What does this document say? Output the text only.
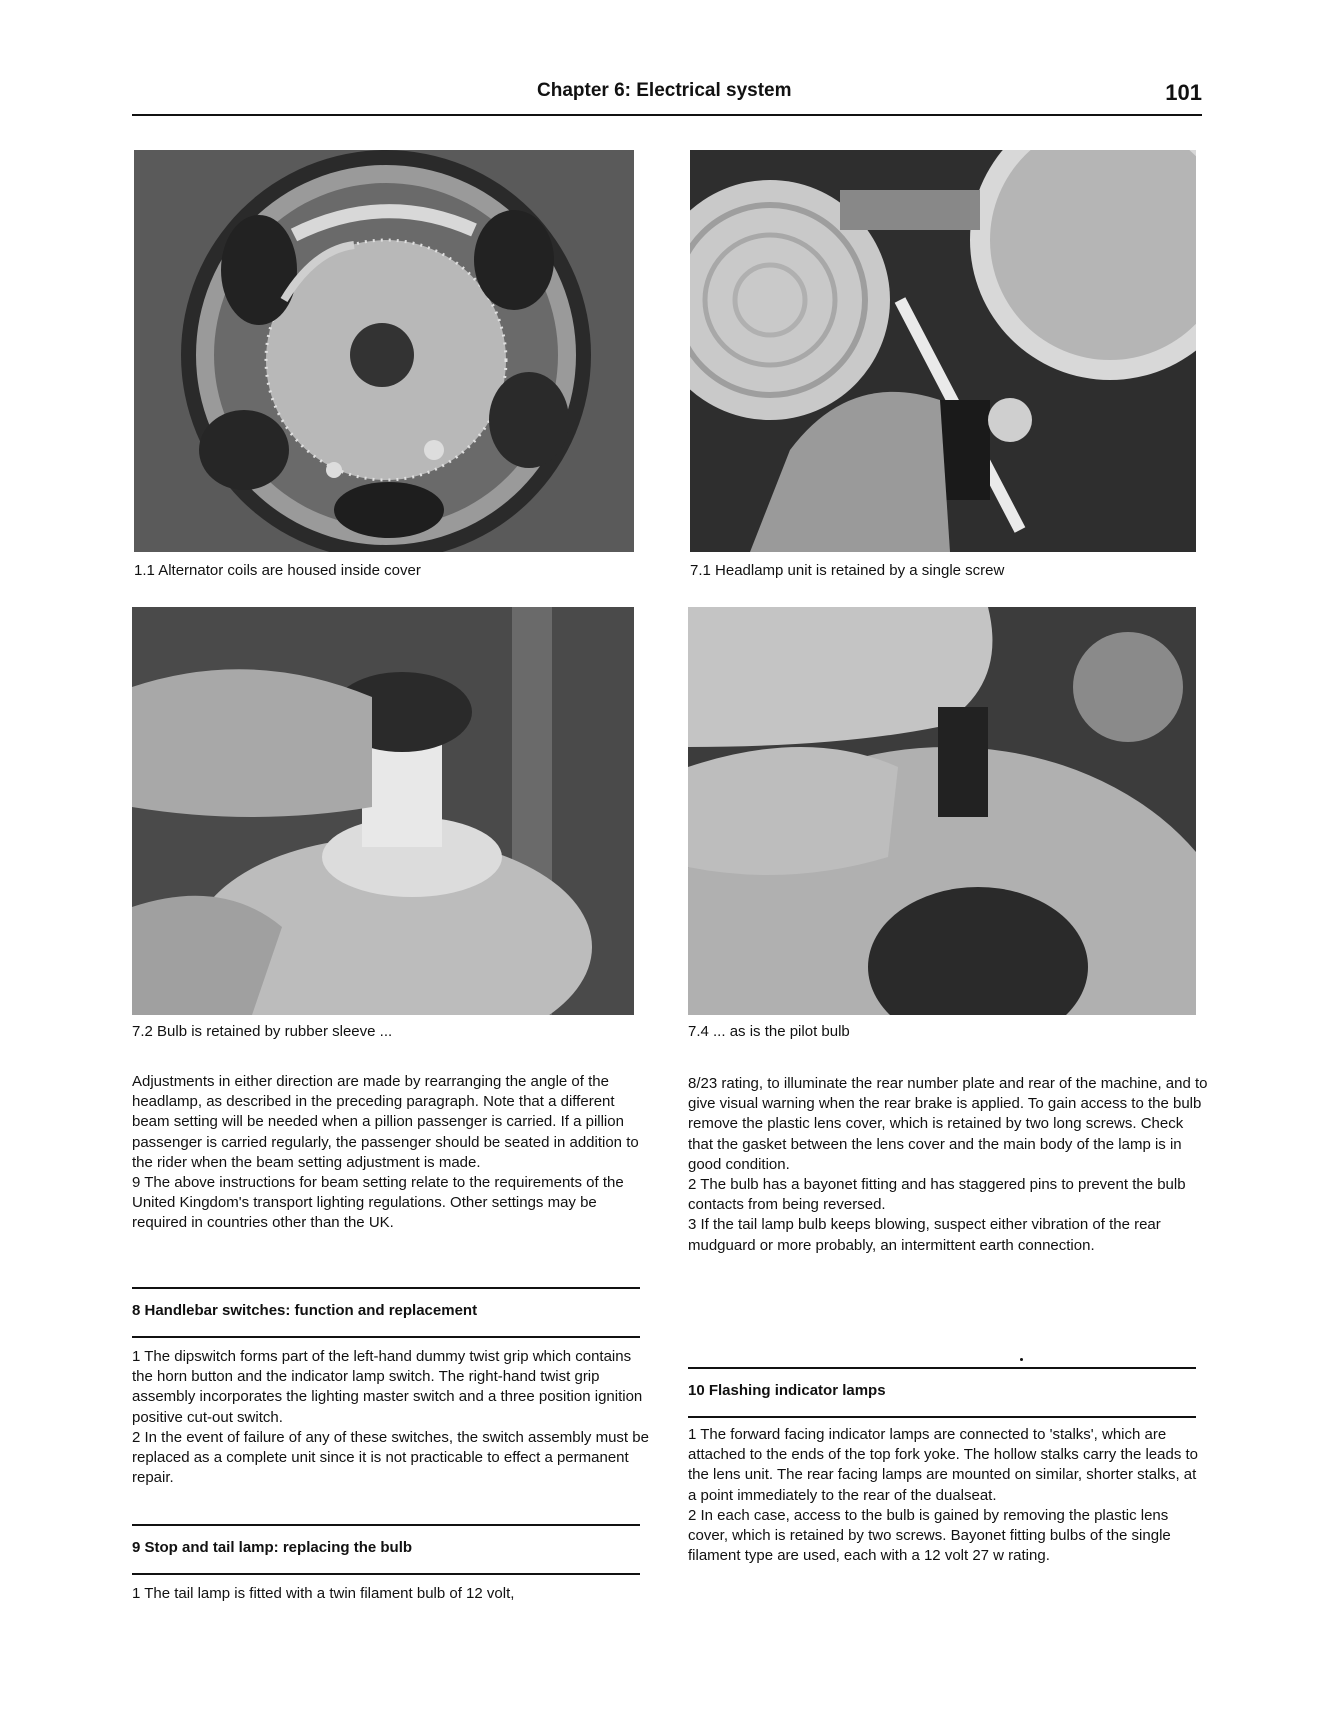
Chapter 6: Electrical system	101
1.1 Alternator coils are housed inside cover	7.1 Headlamp unit is retained by a single screw
7.2 Bulb is retained by rubber sleeve ...	7.4 ... as is the pilot bulb

Adjustments in either direction are made by rearranging the angle of the headlamp, as described in the preceding paragraph. Note that a different beam setting will be needed when a pillion passenger is carried. If a pillion passenger is carried regularly, the passenger should be seated in addition to the rider when the beam setting adjustment is made.

9 The above instructions for beam setting relate to the requirements of the United Kingdom's transport lighting regulations. Other settings may be required in countries other than the UK.

8 Handlebar switches: function and replacement

1 The dipswitch forms part of the left-hand dummy twist grip which contains the horn button and the indicator lamp switch. The right-hand twist grip assembly incorporates the lighting master switch and a three position ignition positive cut-out switch.

2 In the event of failure of any of these switches, the switch assembly must be replaced as a complete unit since it is not practicable to effect a permanent repair.

9 Stop and tail lamp: replacing the bulb

1 The tail lamp is fitted with a twin filament bulb of 12 volt,

8/23 rating, to illuminate the rear number plate and rear of the machine, and to give visual warning when the rear brake is applied. To gain access to the bulb remove the plastic lens cover, which is retained by two long screws. Check that the gasket between the lens cover and the main body of the lamp is in good condition.

2 The bulb has a bayonet fitting and has staggered pins to prevent the bulb contacts from being reversed.

3 If the tail lamp bulb keeps blowing, suspect either vibration of the rear mudguard or more probably, an intermittent earth connection.

10 Flashing indicator lamps

1 The forward facing indicator lamps are connected to 'stalks', which are attached to the ends of the top fork yoke. The hollow stalks carry the leads to the lens unit. The rear facing lamps are mounted on similar, shorter stalks, at a point immediately to the rear of the dualseat.

2 In each case, access to the bulb is gained by removing the plastic lens cover, which is retained by two screws. Bayonet fitting bulbs of the single filament type are used, each with a 12 volt 27 w rating.
